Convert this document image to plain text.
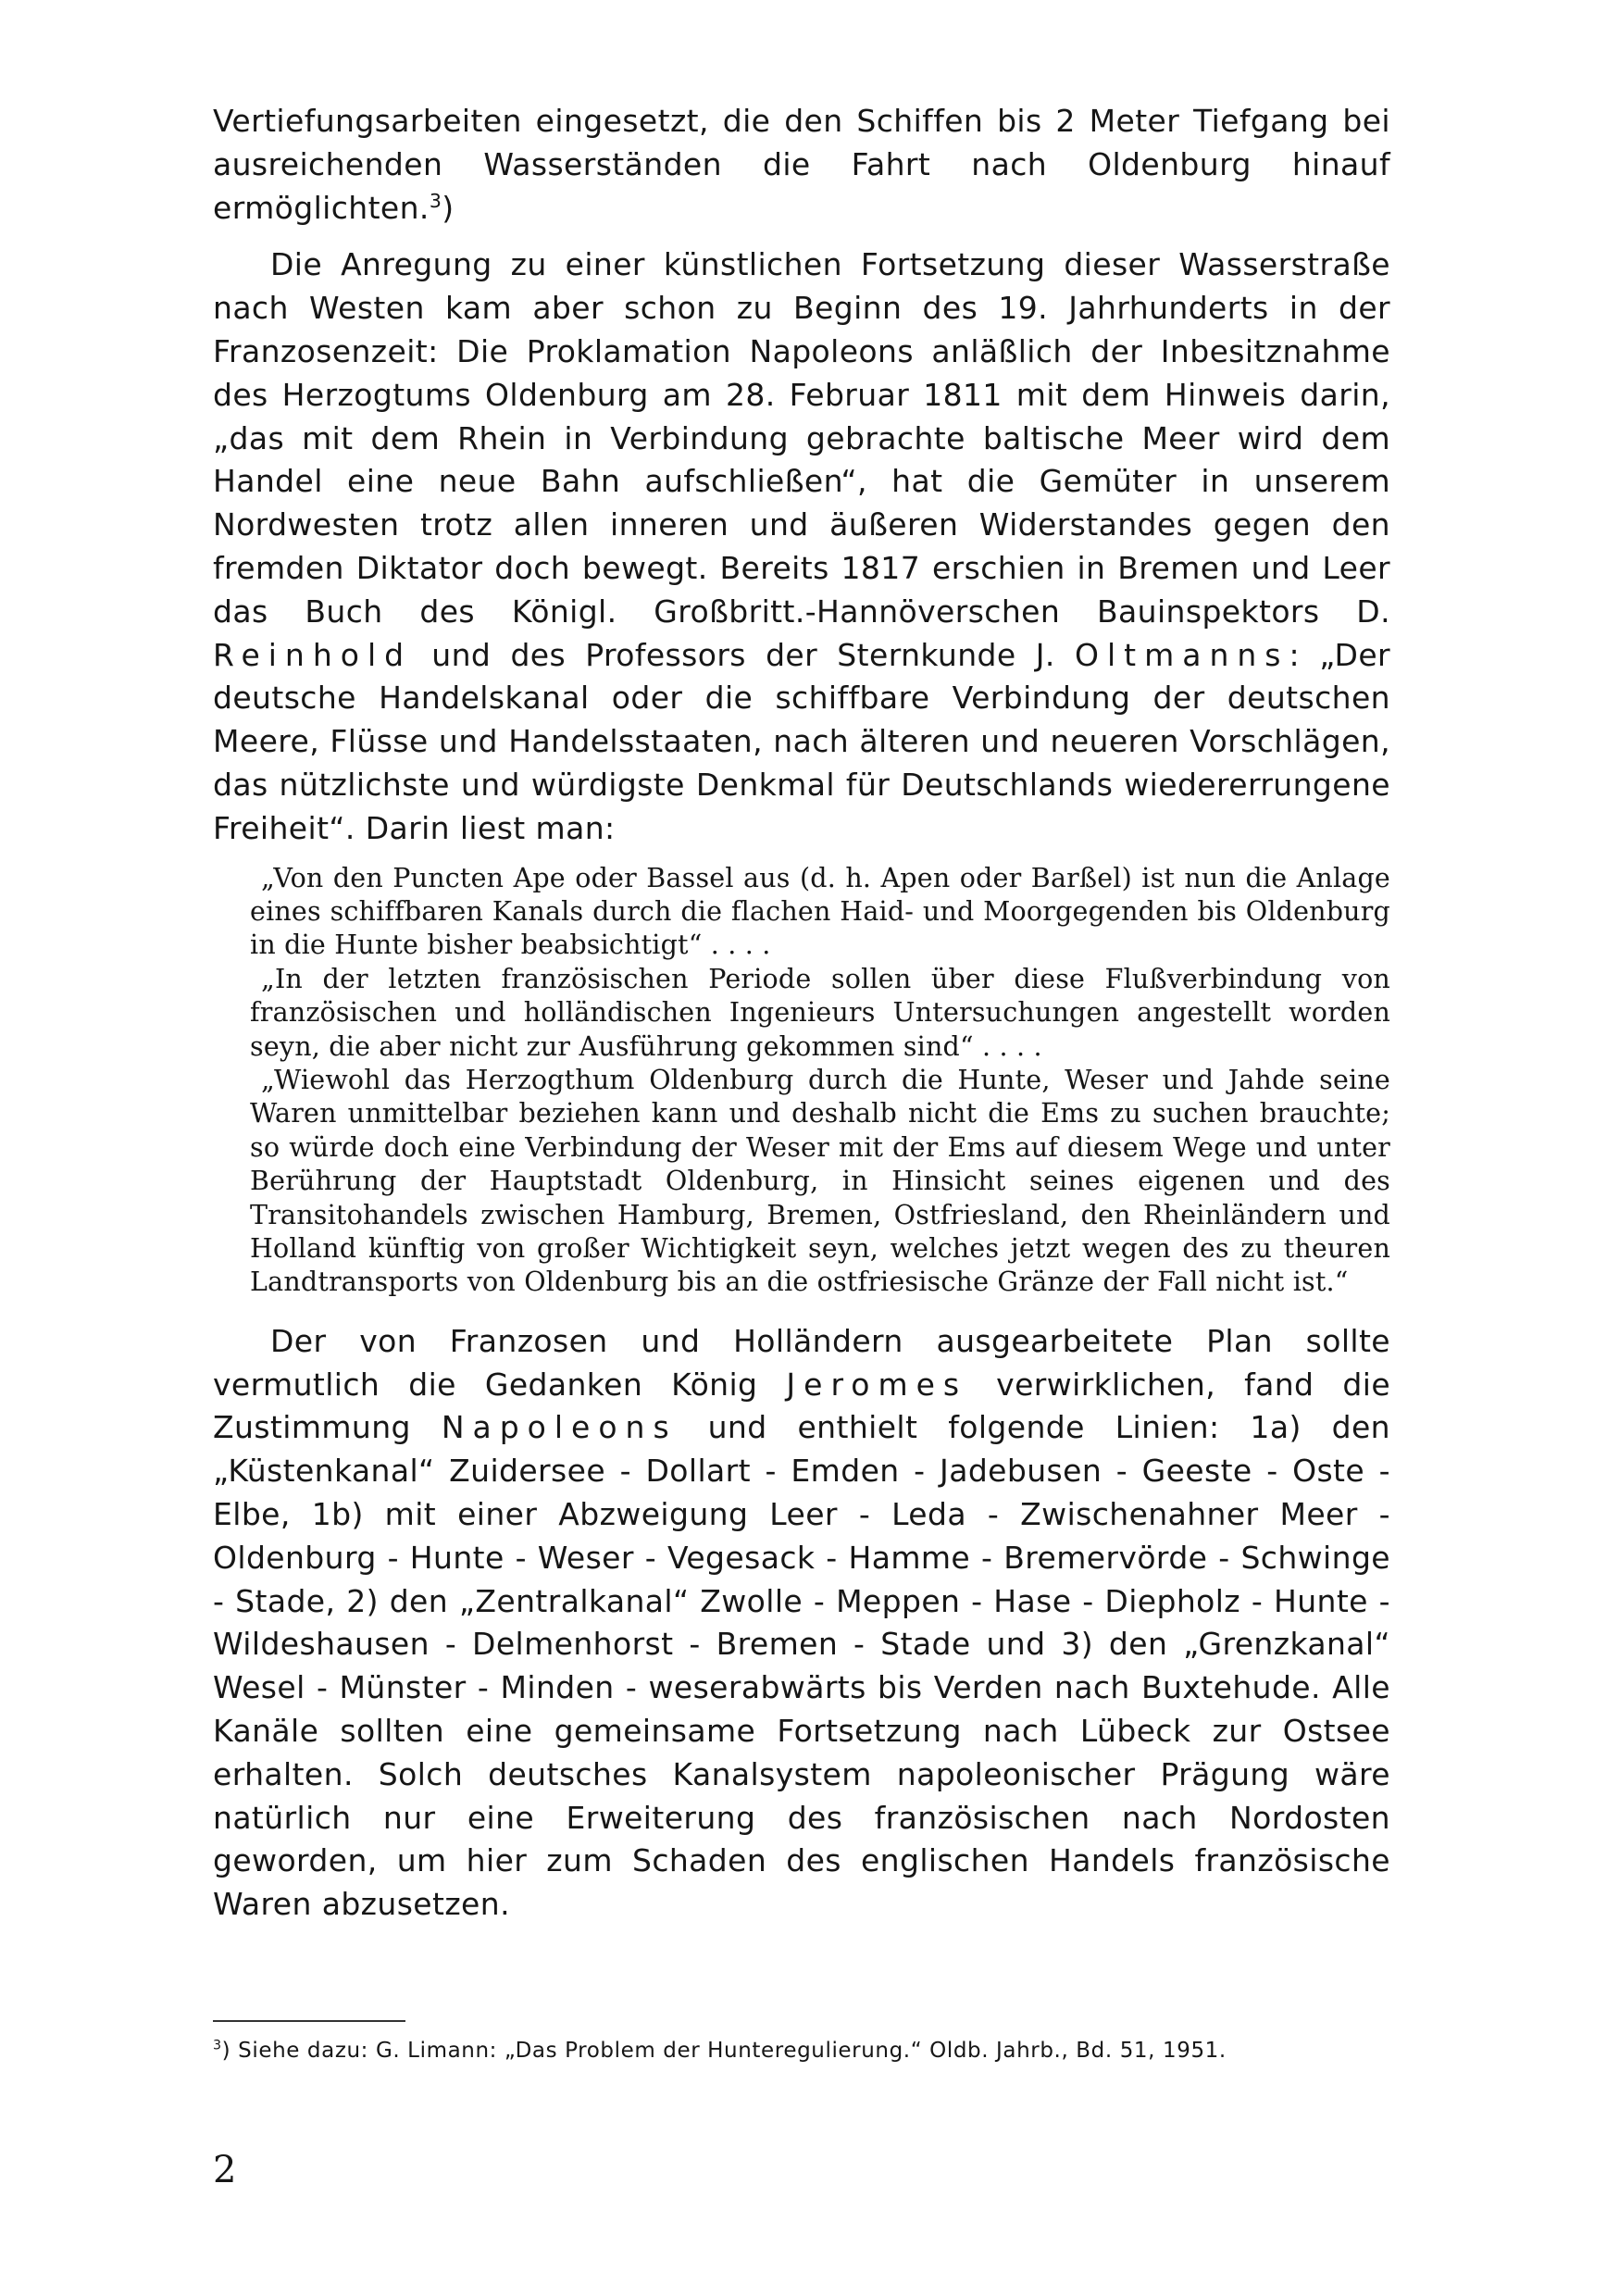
Vertiefungsarbeiten eingesetzt, die den Schiffen bis 2 Meter Tiefgang bei ausreichenden Wasserständen die Fahrt nach Oldenburg hinauf ermöglichten.$^3$)

Die Anregung zu einer künstlichen Fortsetzung dieser Wasserstraße nach Westen kam aber schon zu Beginn des 19. Jahrhunderts in der Franzosenzeit: Die Proklamation Napoleons anläßlich der Inbesitznahme des Herzogtums Oldenburg am 28. Februar 1811 mit dem Hinweis darin, „das mit dem Rhein in Verbindung gebrachte baltische Meer wird dem Handel eine neue Bahn aufschließen“, hat die Gemüter in unserem Nordwesten trotz allen inneren und äußeren Widerstandes gegen den fremden Diktator doch bewegt. Bereits 1817 erschien in Bremen und Leer das Buch des Königl. Großbritt.-Hannöverschen Bauinspektors D. Reinhold und des Professors der Sternkunde J. Oltmanns: „Der deutsche Handelskanal oder die schiffbare Verbindung der deutschen Meere, Flüsse und Handelsstaaten, nach älteren und neueren Vorschlägen, das nützlichste und würdigste Denkmal für Deutschlands wiedererrungene Freiheit“. Darin liest man:

„Von den Puncten Ape oder Bassel aus (d. h. Apen oder Barßel) ist nun die Anlage eines schiffbaren Kanals durch die flachen Haid- und Moorgegenden bis Oldenburg in die Hunte bisher beabsichtigt“ . . . .

„In der letzten französischen Periode sollen über diese Flußverbindung von französischen und holländischen Ingenieurs Untersuchungen angestellt worden seyn, die aber nicht zur Ausführung gekommen sind“ . . . .

„Wiewohl das Herzogthum Oldenburg durch die Hunte, Weser und Jahde seine Waren unmittelbar beziehen kann und deshalb nicht die Ems zu suchen brauchte; so würde doch eine Verbindung der Weser mit der Ems auf diesem Wege und unter Berührung der Hauptstadt Oldenburg, in Hinsicht seines eigenen und des Transitohandels zwischen Hamburg, Bremen, Ostfriesland, den Rheinländern und Holland künftig von großer Wichtigkeit seyn, welches jetzt wegen des zu theuren Landtransports von Oldenburg bis an die ostfriesische Gränze der Fall nicht ist.“

Der von Franzosen und Holländern ausgearbeitete Plan sollte vermutlich die Gedanken König Jeromes verwirklichen, fand die Zustimmung Napoleons und enthielt folgende Linien: 1a) den „Küstenkanal“ Zuidersee - Dollart - Emden - Jadebusen - Geeste - Oste - Elbe, 1b) mit einer Abzweigung Leer - Leda - Zwischenahner Meer - Oldenburg - Hunte - Weser - Vegesack - Hamme - Bremervörde - Schwinge - Stade, 2) den „Zentralkanal“ Zwolle - Meppen - Hase - Diepholz - Hunte - Wildeshausen - Delmenhorst - Bremen - Stade und 3) den „Grenzkanal“ Wesel - Münster - Minden - weserabwärts bis Verden nach Buxtehude. Alle Kanäle sollten eine gemeinsame Fortsetzung nach Lübeck zur Ostsee erhalten. Solch deutsches Kanalsystem napoleonischer Prägung wäre natürlich nur eine Erweiterung des französischen nach Nordosten geworden, um hier zum Schaden des englischen Handels französische Waren abzusetzen.

$^3$) Siehe dazu: G. Limann: „Das Problem der Hunteregulierung.“ Oldb. Jahrb., Bd. 51, 1951.
2
